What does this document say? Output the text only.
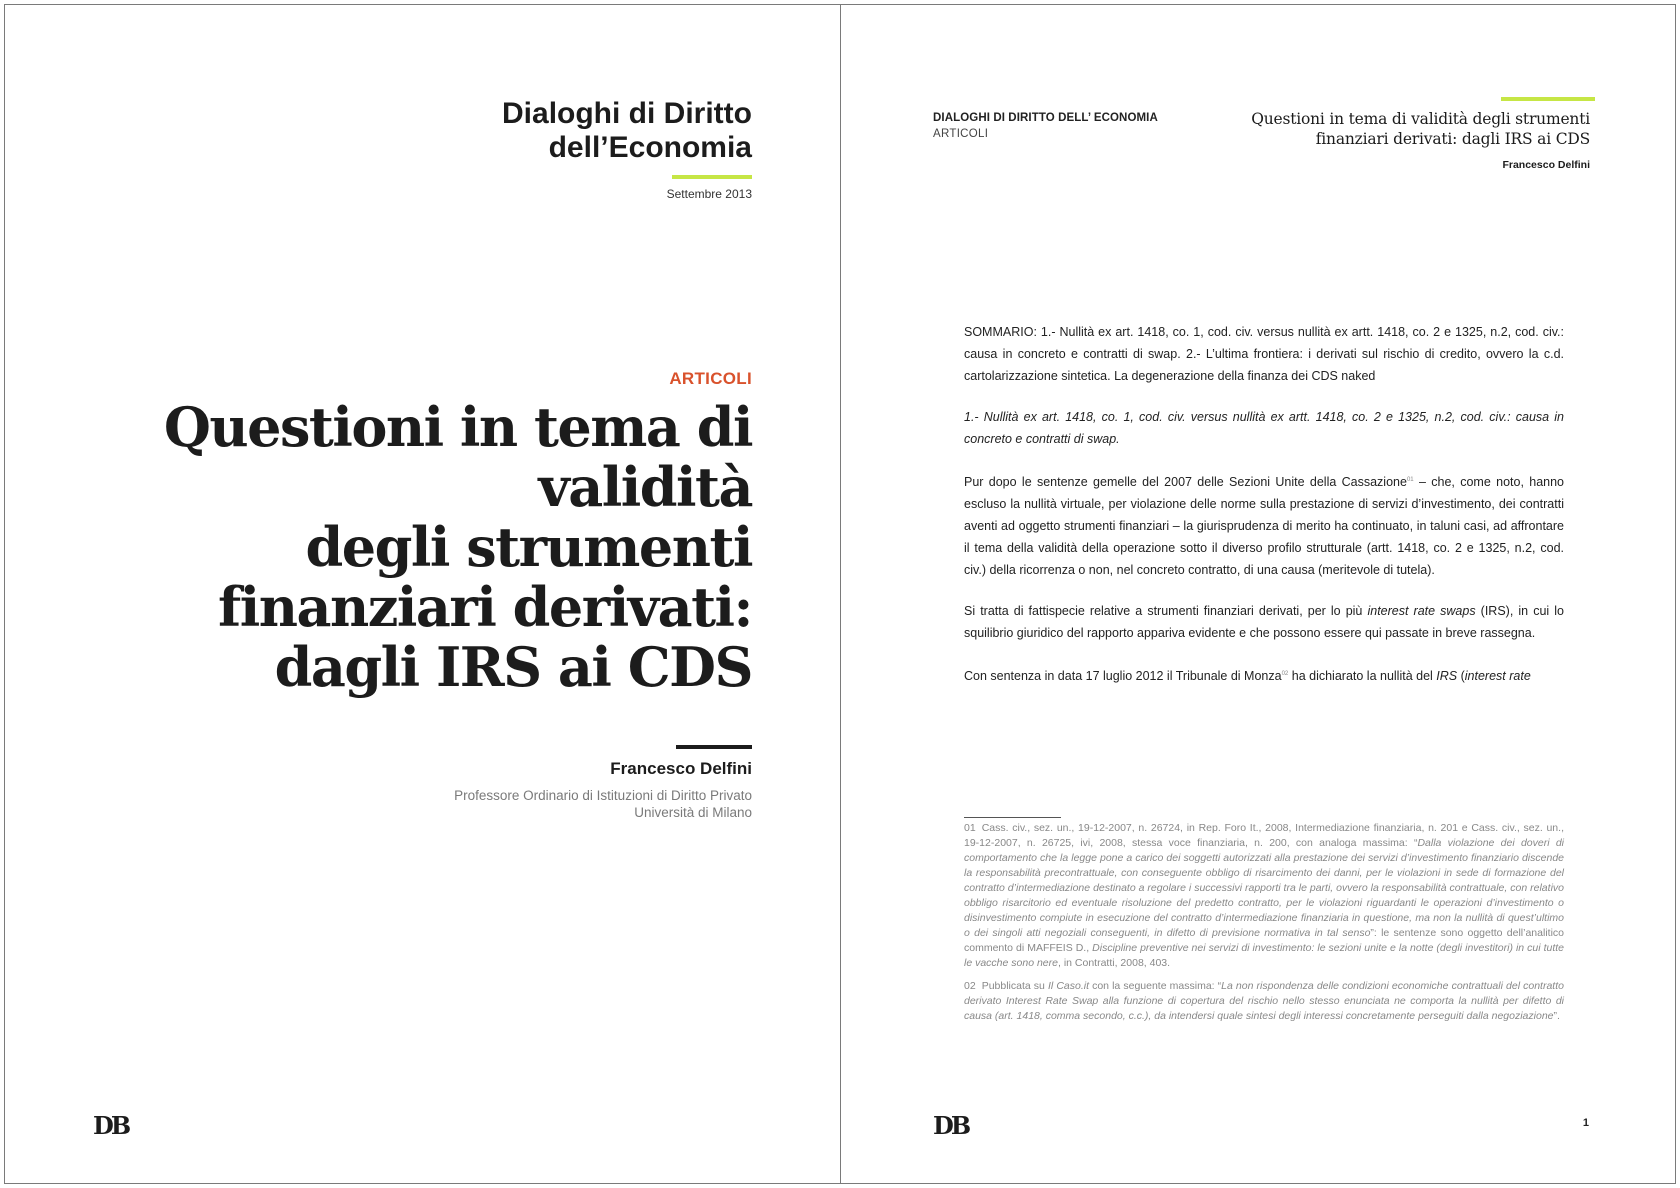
Dialoghi di Diritto
dell’Economia
Settembre 2013
ARTICOLI
Questioni in tema di
validità
degli strumenti
finanziari derivati:
dagli IRS ai CDS
Francesco Delfini
Professore Ordinario di Istituzioni di Diritto Privato
Università di Milano
DB
DIALOGHI DI DIRITTO DELL’ ECONOMIA
ARTICOLI
Questioni in tema di validità degli strumenti
finanziari derivati: dagli IRS ai CDS
Francesco Delfini

SOMMARIO: 1.- Nullità ex art. 1418, co. 1, cod. civ. versus nullità ex artt. 1418, co. 2 e 1325, n.2, cod. civ.: causa in concreto e contratti di swap. 2.- L’ultima frontiera: i derivati sul rischio di credito, ovvero la c.d. cartolarizzazione sintetica. La degenerazione della finanza dei CDS naked

1.- Nullità ex art. 1418, co. 1, cod. civ. versus nullità ex artt. 1418, co. 2 e 1325, n.2, cod. civ.: causa in concreto e contratti di swap.

Pur dopo le sentenze gemelle del 2007 delle Sezioni Unite della Cassazione$^{01}$ – che, come noto, hanno escluso la nullità virtuale, per violazione delle norme sulla prestazione di servizi d’investimento, dei contratti aventi ad oggetto strumenti finanziari – la giurisprudenza di merito ha continuato, in taluni casi, ad affrontare il tema della validità della operazione sotto il diverso profilo strutturale (artt. 1418, co. 2 e 1325, n.2, cod. civ.) della ricorrenza o non, nel concreto contratto, di una causa (meritevole di tutela).

Si tratta di fattispecie relative a strumenti finanziari derivati, per lo più interest rate swaps (IRS), in cui lo squilibrio giuridico del rapporto appariva evidente e che possono essere qui passate in breve rassegna.

Con sentenza in data 17 luglio 2012 il Tribunale di Monza$^{02}$ ha dichiarato la nullità del IRS (interest rate

01 Cass. civ., sez. un., 19-12-2007, n. 26724, in Rep. Foro It., 2008, Intermediazione finanziaria, n. 201 e Cass. civ., sez. un., 19-12-2007, n. 26725, ivi, 2008, stessa voce finanziaria, n. 200, con analoga massima: “Dalla violazione dei doveri di comportamento che la legge pone a carico dei soggetti autorizzati alla prestazione dei servizi d’investimento finanziario discende la responsabilità precontrattuale, con conseguente obbligo di risarcimento dei danni, per le violazioni in sede di formazione del contratto d’intermediazione destinato a regolare i successivi rapporti tra le parti, ovvero la responsabilità contrattuale, con relativo obbligo risarcitorio ed eventuale risoluzione del predetto contratto, per le violazioni riguardanti le operazioni d’investimento o disinvestimento compiute in esecuzione del contratto d’intermediazione finanziaria in questione, ma non la nullità di quest’ultimo o dei singoli atti negoziali conseguenti, in difetto di previsione normativa in tal senso”: le sentenze sono oggetto dell’analitico commento di MAFFEIS D., Discipline preventive nei servizi di investimento: le sezioni unite e la notte (degli investitori) in cui tutte le vacche sono nere, in Contratti, 2008, 403.

02 Pubblicata su Il Caso.it con la seguente massima: “La non rispondenza delle condizioni economiche contrattuali del contratto derivato Interest Rate Swap alla funzione di copertura del rischio nello stesso enunciata ne comporta la nullità per difetto di causa (art. 1418, comma secondo, c.c.), da intendersi quale sintesi degli interessi concretamente perseguiti dalla negoziazione”.

DB	1
